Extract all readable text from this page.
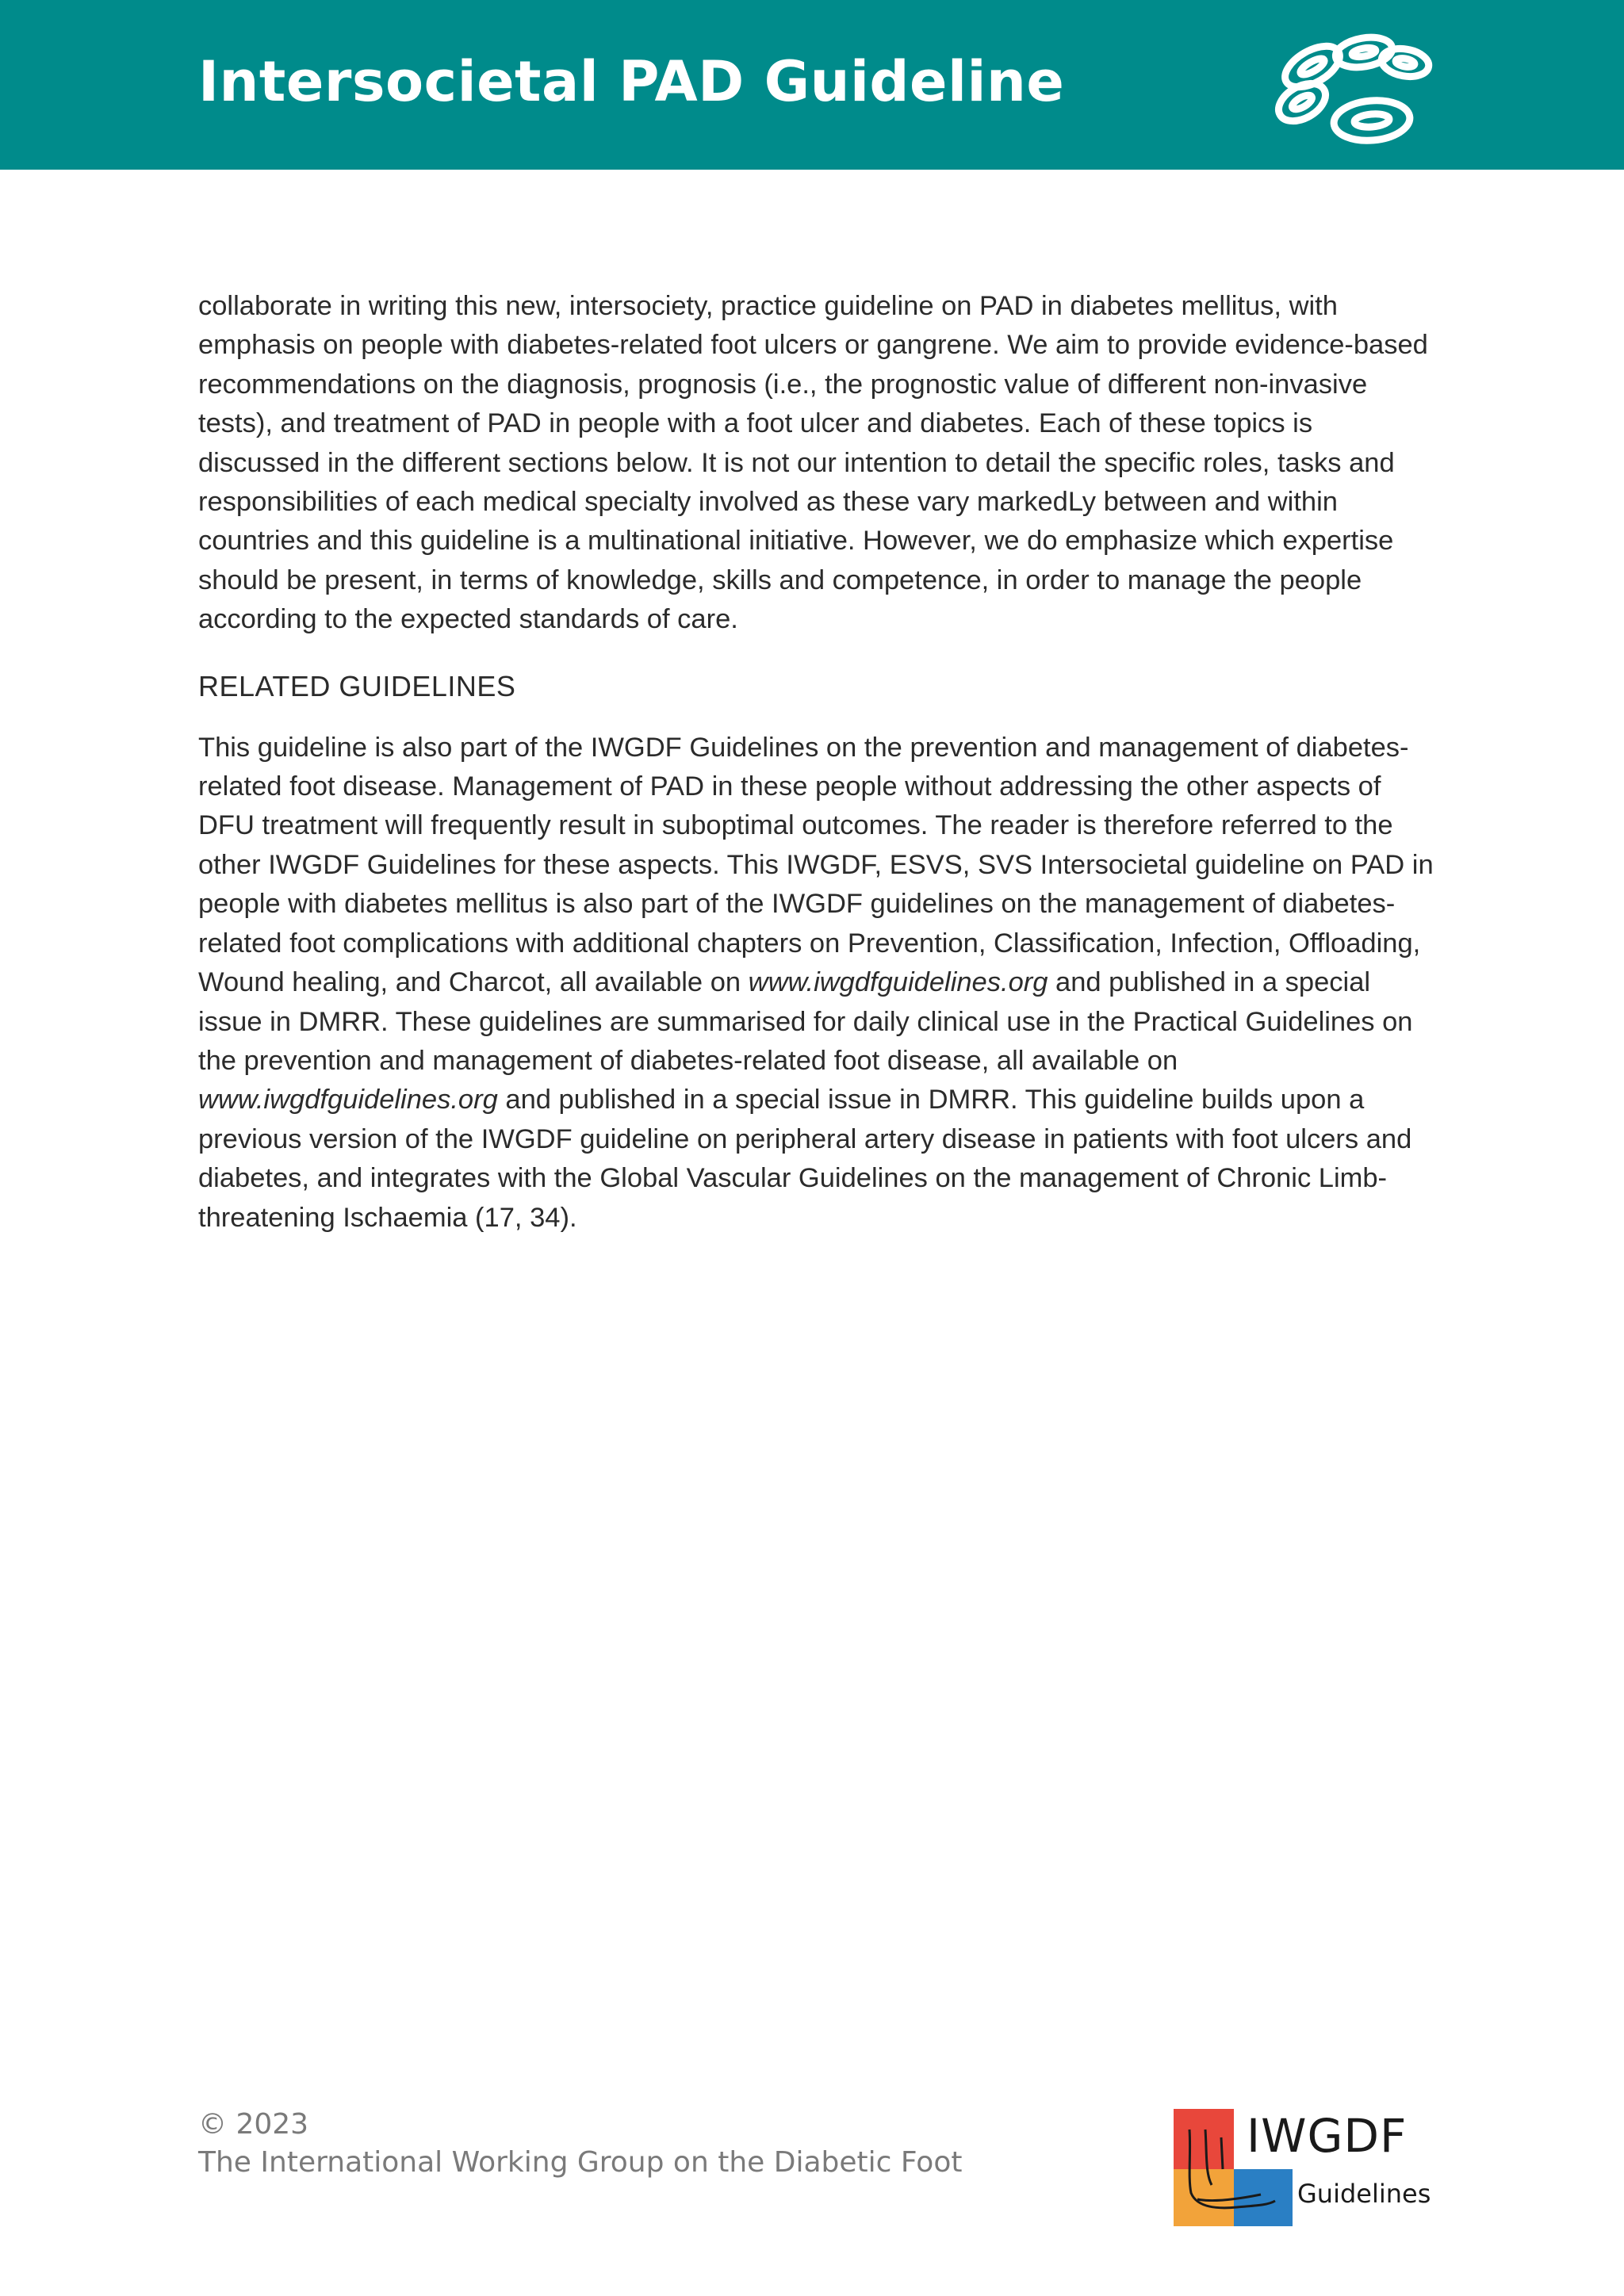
Intersocietal PAD Guideline

collaborate in writing this new, intersociety, practice guideline on PAD in diabetes mellitus, with emphasis on people with diabetes-related foot ulcers or gangrene. We aim to provide evidence-based recommendations on the diagnosis, prognosis (i.e., the prognostic value of different non-invasive tests), and treatment of PAD in people with a foot ulcer and diabetes. Each of these topics is discussed in the different sections below. It is not our intention to detail the specific roles, tasks and responsibilities of each medical specialty involved as these vary markedLy between and within countries and this guideline is a multinational initiative. However, we do emphasize which expertise should be present, in terms of knowledge, skills and competence, in order to manage the people according to the expected standards of care.

RELATED GUIDELINES

This guideline is also part of the IWGDF Guidelines on the prevention and management of diabetes-related foot disease. Management of PAD in these people without addressing the other aspects of DFU treatment will frequently result in suboptimal outcomes. The reader is therefore referred to the other IWGDF Guidelines for these aspects. This IWGDF, ESVS, SVS Intersocietal guideline on PAD in people with diabetes mellitus is also part of the IWGDF guidelines on the management of diabetes-related foot complications with additional chapters on Prevention, Classification, Infection, Offloading, Wound healing, and Charcot, all available on www.iwgdfguidelines.org and published in a special issue in DMRR. These guidelines are summarised for daily clinical use in the Practical Guidelines on the prevention and management of diabetes-related foot disease, all available on www.iwgdfguidelines.org and published in a special issue in DMRR. This guideline builds upon a previous version of the IWGDF guideline on peripheral artery disease in patients with foot ulcers and diabetes, and integrates with the Global Vascular Guidelines on the management of Chronic Limb-threatening Ischaemia (17, 34).

© 2023
The International Working Group on the Diabetic Foot	IWGDF
Guidelines
